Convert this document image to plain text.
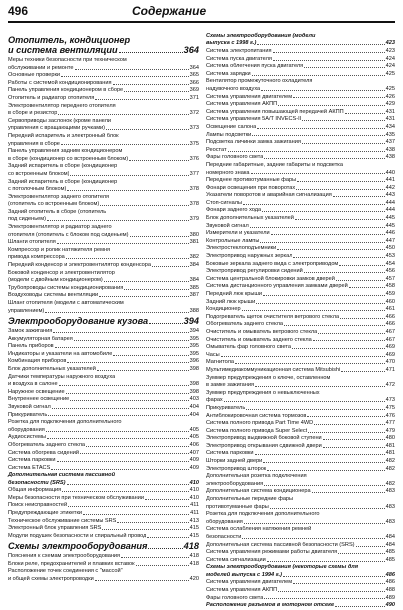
496	Содержание
Отопитель, кондиционер
и система вентиляции	364
Меры техники безопасности при техническом
обслуживании и ремонте	364
Основные проверки	365
Работы с системой кондиционирования	366
Панель управления кондиционером в сборе	369
Отопитель и радиатор отопителя	371
Электровентилятор переднего отопителя
в сборе и резистор	372
Сервоприводы заслонок (кроме панели
управления с вращающими ручками)	373
Передний испаритель и электронный блок
управления в сборе	375
Панель управления задним кондиционером
в сборе (кондиционер со встроенным блоком)	376
Задний испаритель в сборе (кондиционер
со встроенным блоком)	377
Задний испаритель в сборе (кондиционер
с потолочным блоком)	378
Электровентилятор заднего отопителя
(отопитель со встроенным блоком)	378
Задний отопитель в сборе (отопитель
под сиденьем)	379
Электровентилятор и радиатор заднего
отопителя (отопитель с блоком под сиденьем)	380
Шланги отопителя	381
Компрессор и ролик натяжителя ремня
привода компрессора	382
Передний конденсор и электровентилятор конденсора	384
Боковой конденсор и электровентилятор
(модели с двойным кондиционером)	384
Трубопроводы системы кондиционирования	385
Воздуховоды системы вентиляции	387
Шланг отопителя (модели с автоматическим
управлением)	388
Электрооборудование кузова	394
Замок зажигания	394
Аккумуляторная батарея	395
Панель приборов	395
Индикаторы и указатели на автомобиле	395
Комбинация приборов	396
Блок дополнительных указателей	398
Датчики температуры наружного воздуха
и воздуха в салоне	398
Наружное освещение	398
Внутреннее освещение	403
Звуковой сигнал	404
Прикуриватель	404
Розетка для подключения дополнительного
оборудования	405
Аудиосистемы	405
Обогреватель заднего стекла	406
Система обогрева сидений	407
Система парковки	409
Система ETACS	409
Дополнительная система пассивной
безопасности (SRS)	410
Общая информация	410
Меры безопасности при техническом обслуживании	410
Поиск неисправностей	411
Предупреждающие этикетки	411
Техническое обслуживание системы SRS	413
Электронный блок управления SRS	415
Модули подушек безопасности и спиральный провод	415
Схемы электрооборудования	418
Пояснения к схемам электрооборудования	418
Блоки реле, предохранителей и плавких вставок	418
Расположение точек соединения с "массой"
и общей схемы электропроводки	420
Схемы электрооборудования (модели
выпуска с 1998 г.)	423
Система электропитания	423
Система пуска двигателя	424
Система облегчения пуска двигателя	424
Система зарядки	425
Вентилятор промежуточного охладителя
надувочного воздуха	425
Система управления двигателем	426
Система управления АКПП	429
Система управления повышающей передачей АКПП	431
Система управления 5A/T INVECS-II	431
Освещение салона	434
Лампы подсветки	435
Подсветка личинки замка зажигания	437
Реостат	438
Фары головного света	438
Передние габаритные, задние габариты и подсветка
номерного знака	440
Переднее противотуманные фары	441
Фонари освещения при поворотах	442
Указатели поворотов и аварийная сигнализация	443
Стоп-сигналы	444
Фонари заднего хода	444
Блок дополнительных указателей	445
Звуковой сигнал	445
Измерители и указатели	446
Контрольные лампы	447
Электростеклоподъемники	450
Электропривод наружных зеркал	453
Боковые зеркала заднего вида с электроприводом	454
Электропривод регулировки сидений	456
Система центральной блокировки замков дверей	457
Система дистанционного управления замками дверей	458
Передний люк крыши	459
Задний люк крыши	460
Кондиционер	461
Подогреватель щеток очистителя ветрового стекла	466
Обогреватель заднего стекла	466
Очиститель и омыватель ветрового стекла	467
Очиститель и омыватель заднего стекла	467
Омыватель фар головного света	469
Часы	469
Магнитола	470
Мультимедиакоммуникационная система Mitsubishi	471
Зуммер предупреждения о ключе, оставленном
в замке зажигания	472
Зуммер предупреждения о невыключенных
фарах	473
Прикуриватель	475
Антиблокировочная система тормозов	476
Система полного привода Part Time 4WD	477
Система полного привода Super Select	479
Электропривод выдвижной боковой ступени	480
Электропривод открывания сдвижной двери	481
Система парковки	481
Шторки задней двери	482
Электропривод шторок	482
Дополнительная розетка подключения
электрооборудования	482
Дополнительная система кондиционера	483
Дополнительные передние фары
противотуманные фары	483
Розетка для подключения дополнительного
оборудования	483
Система ослабления натяжения ремней
безопасности	484
Дополнительная система пассивной безопасности (SRS)	484
Система управления режимами работы двигателя	485
Система сигнализации	485
Схемы электрооборудования (некоторые схемы для
моделей выпуска с 1994 г.)	486
Система управления двигателем	486
Система управления АКПП	488
Фары головного света	489
Расположение разъемов в моторном отсеке	490
